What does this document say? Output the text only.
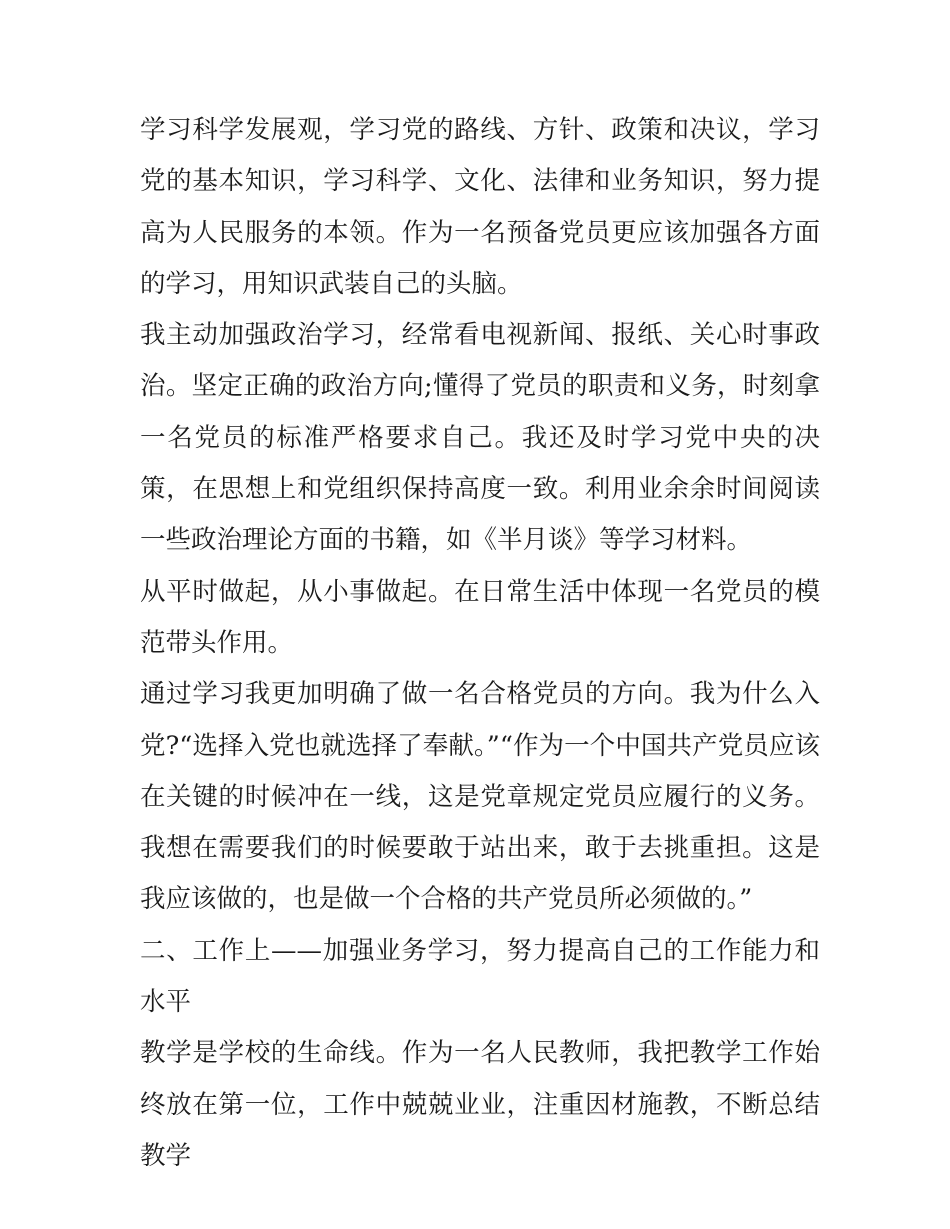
学习科学发展观，学习党的路线、方针、政策和决议，学习党的基本知识，学习科学、文化、法律和业务知识，努力提高为人民服务的本领。作为一名预备党员更应该加强各方面的学习，用知识武装自己的头脑。

我主动加强政治学习，经常看电视新闻、报纸、关心时事政治。坚定正确的政治方向;懂得了党员的职责和义务，时刻拿一名党员的标准严格要求自己。我还及时学习党中央的决策，在思想上和党组织保持高度一致。利用业余余时间阅读一些政治理论方面的书籍，如《半月谈》等学习材料。

从平时做起，从小事做起。在日常生活中体现一名党员的模范带头作用。

通过学习我更加明确了做一名合格党员的方向。我为什么入党?“选择入党也就选择了奉献。”“作为一个中国共产党员应该在关键的时候冲在一线，这是党章规定党员应履行的义务。我想在需要我们的时候要敢于站出来，敢于去挑重担。这是我应该做的，也是做一个合格的共产党员所必须做的。”

二、工作上——加强业务学习，努力提高自己的工作能力和水平

教学是学校的生命线。作为一名人民教师，我把教学工作始终放在第一位，工作中兢兢业业，注重因材施教，不断总结教学
